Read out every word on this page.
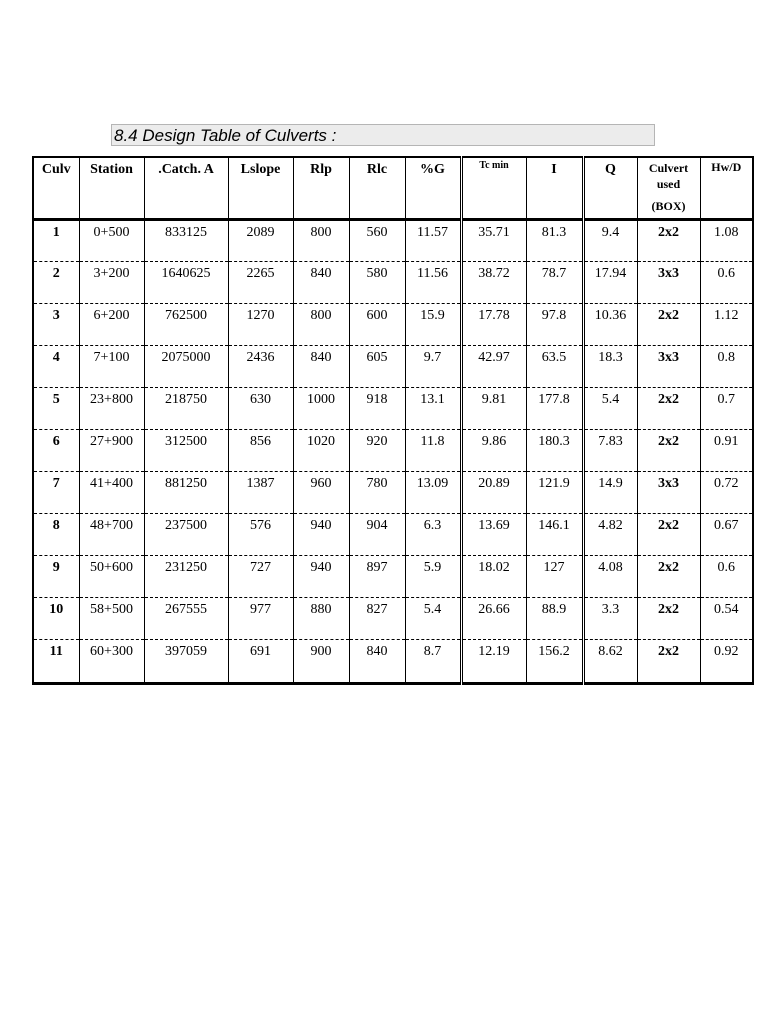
8.4 Design Table of Culverts :
Culv	Station	.Catch. A	Lslope	Rlp	Rlc	%G	Tc min	I	Q	Culvert
used
(BOX)	Hw/D
1	0+500	833125	2089	800	560	11.57	35.71	81.3	9.4	2x2	1.08
2	3+200	1640625	2265	840	580	11.56	38.72	78.7	17.94	3x3	0.6
3	6+200	762500	1270	800	600	15.9	17.78	97.8	10.36	2x2	1.12
4	7+100	2075000	2436	840	605	9.7	42.97	63.5	18.3	3x3	0.8
5	23+800	218750	630	1000	918	13.1	9.81	177.8	5.4	2x2	0.7
6	27+900	312500	856	1020	920	11.8	9.86	180.3	7.83	2x2	0.91
7	41+400	881250	1387	960	780	13.09	20.89	121.9	14.9	3x3	0.72
8	48+700	237500	576	940	904	6.3	13.69	146.1	4.82	2x2	0.67
9	50+600	231250	727	940	897	5.9	18.02	127	4.08	2x2	0.6
10	58+500	267555	977	880	827	5.4	26.66	88.9	3.3	2x2	0.54
11	60+300	397059	691	900	840	8.7	12.19	156.2	8.62	2x2	0.92
